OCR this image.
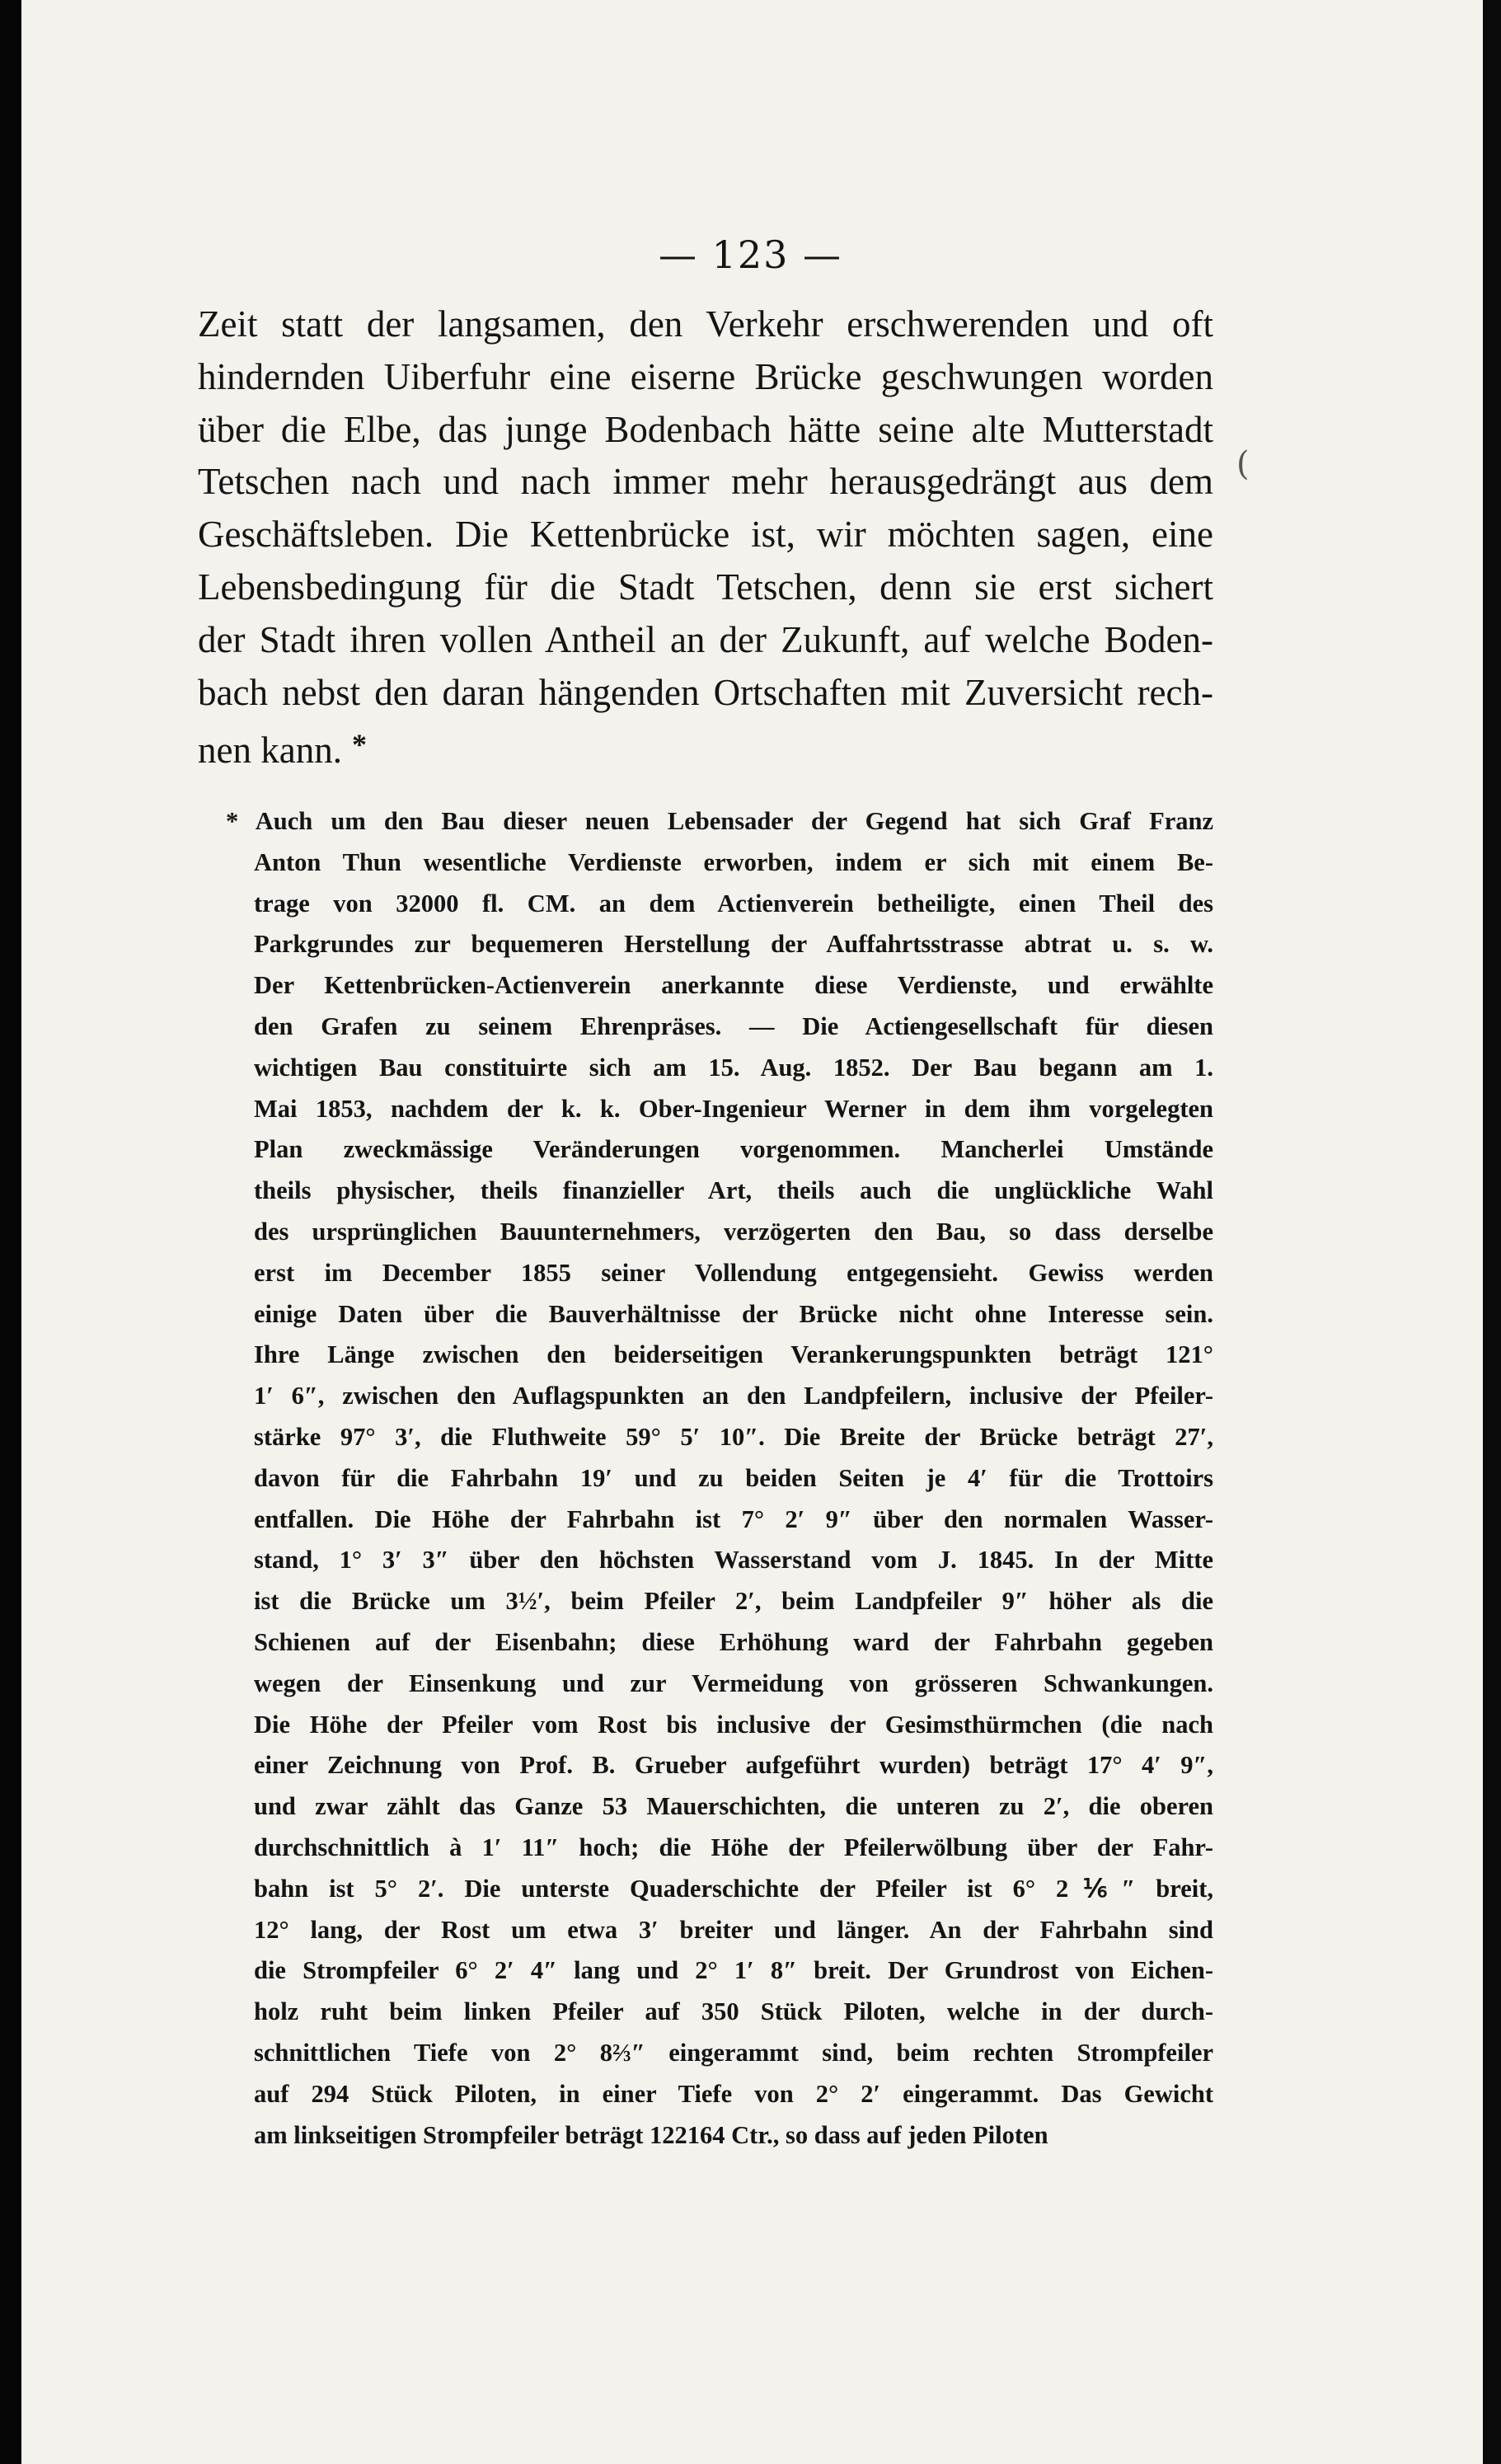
(
— 123 —
Zeit statt der langsamen, den Verkehr erschwerenden und oft
hindernden Uiberfuhr eine eiserne Brücke geschwungen worden
über die Elbe, das junge Bodenbach hätte seine alte Mutterstadt
Tetschen nach und nach immer mehr herausgedrängt aus dem
Geschäftsleben. Die Kettenbrücke ist, wir möchten sagen, eine
Lebensbedingung für die Stadt Tetschen, denn sie erst sichert
der Stadt ihren vollen Antheil an der Zukunft, auf welche Boden-
bach nebst den daran hängenden Ortschaften mit Zuversicht rech-
nen kann. *
* Auch um den Bau dieser neuen Lebensader der Gegend hat sich Graf Franz
Anton Thun wesentliche Verdienste erworben, indem er sich mit einem Be-
trage von 32000 fl. CM. an dem Actienverein betheiligte, einen Theil des
Parkgrundes zur bequemeren Herstellung der Auffahrtsstrasse abtrat u. s. w.
Der Kettenbrücken-Actienverein anerkannte diese Verdienste, und erwählte
den Grafen zu seinem Ehrenpräses. — Die Actiengesellschaft für diesen
wichtigen Bau constituirte sich am 15. Aug. 1852. Der Bau begann am 1.
Mai 1853, nachdem der k. k. Ober-Ingenieur Werner in dem ihm vorgelegten
Plan zweckmässige Veränderungen vorgenommen. Mancherlei Umstände
theils physischer, theils finanzieller Art, theils auch die unglückliche Wahl
des ursprünglichen Bauunternehmers, verzögerten den Bau, so dass derselbe
erst im December 1855 seiner Vollendung entgegensieht. Gewiss werden
einige Daten über die Bauverhältnisse der Brücke nicht ohne Interesse sein.
Ihre Länge zwischen den beiderseitigen Verankerungspunkten beträgt 121°
1′ 6″, zwischen den Auflagspunkten an den Landpfeilern, inclusive der Pfeiler-
stärke 97° 3′, die Fluthweite 59° 5′ 10″. Die Breite der Brücke beträgt 27′,
davon für die Fahrbahn 19′ und zu beiden Seiten je 4′ für die Trottoirs
entfallen. Die Höhe der Fahrbahn ist 7° 2′ 9″ über den normalen Wasser-
stand, 1° 3′ 3″ über den höchsten Wasserstand vom J. 1845. In der Mitte
ist die Brücke um 3½′, beim Pfeiler 2′, beim Landpfeiler 9″ höher als die
Schienen auf der Eisenbahn; diese Erhöhung ward der Fahrbahn gegeben
wegen der Einsenkung und zur Vermeidung von grösseren Schwankungen.
Die Höhe der Pfeiler vom Rost bis inclusive der Gesimsthürmchen (die nach
einer Zeichnung von Prof. B. Grueber aufgeführt wurden) beträgt 17° 4′ 9″,
und zwar zählt das Ganze 53 Mauerschichten, die unteren zu 2′, die oberen
durchschnittlich à 1′ 11″ hoch; die Höhe der Pfeilerwölbung über der Fahr-
bahn ist 5° 2′. Die unterste Quaderschichte der Pfeiler ist 6° 2⅙″ breit,
12° lang, der Rost um etwa 3′ breiter und länger. An der Fahrbahn sind
die Strompfeiler 6° 2′ 4″ lang und 2° 1′ 8″ breit. Der Grundrost von Eichen-
holz ruht beim linken Pfeiler auf 350 Stück Piloten, welche in der durch-
schnittlichen Tiefe von 2° 8⅔″ eingerammt sind, beim rechten Strompfeiler
auf 294 Stück Piloten, in einer Tiefe von 2° 2′ eingerammt. Das Gewicht
am linkseitigen Strompfeiler beträgt 122164 Ctr., so dass auf jeden Piloten
